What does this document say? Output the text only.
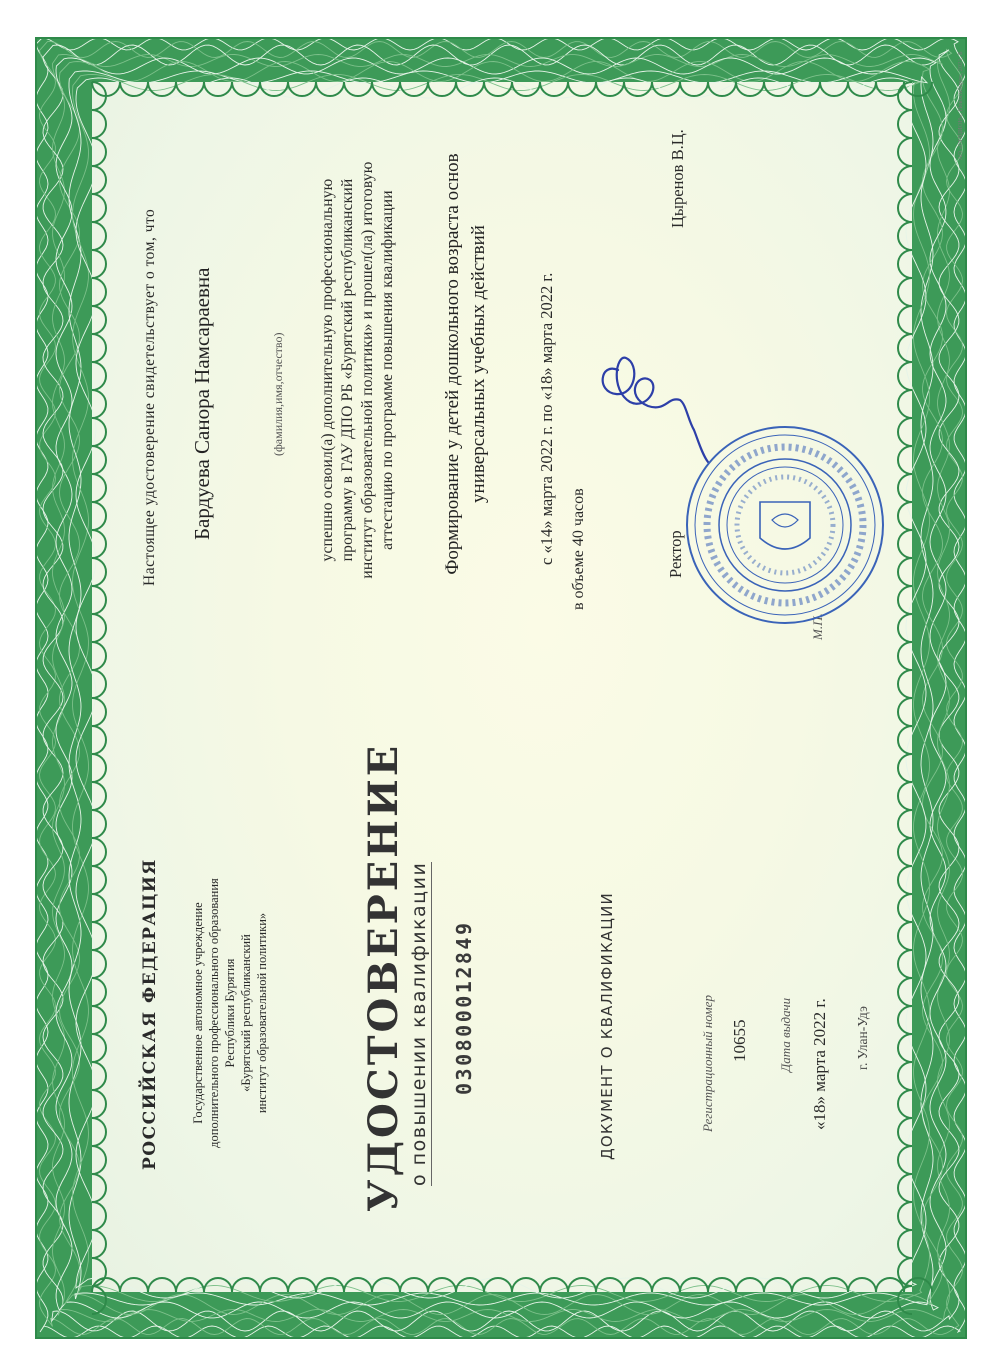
РОССИЙСКАЯ ФЕДЕРАЦИЯ Государственное автономное учреждение дополнительного профессионального образования Республики Бурятия «Бурятский республиканский институт образовательной политики» УДОСТОВЕРЕНИЕ о повышении квалификации 030800012849	ДОКУМЕНТ О КВАЛИФИКАЦИИ	Регистрационный номер 10655 Дата выдачи «18» марта 2022 г. г. Улан-Удэ
Настоящее удостоверение свидетельствует о том, что Бардуева Санора Намсараевна	(фамилия,имя,отчество) успешно освоил(а) дополнительную профессиональную программу в ГАУ ДПО РБ «Бурятский республиканский институт образовательной политики» и прошел(ла) итоговую аттестацию по программе повышения квалификации Формирование у детей дошкольного возраста основ универсальных учебных действий	с «14» марта 2022 г. по «18» марта 2022 г. в объеме 40 часов	Ректор
Цыренов В.Ц.
М.П.
АО «ОПЦИОН», Новосибирск, 2021, Б
